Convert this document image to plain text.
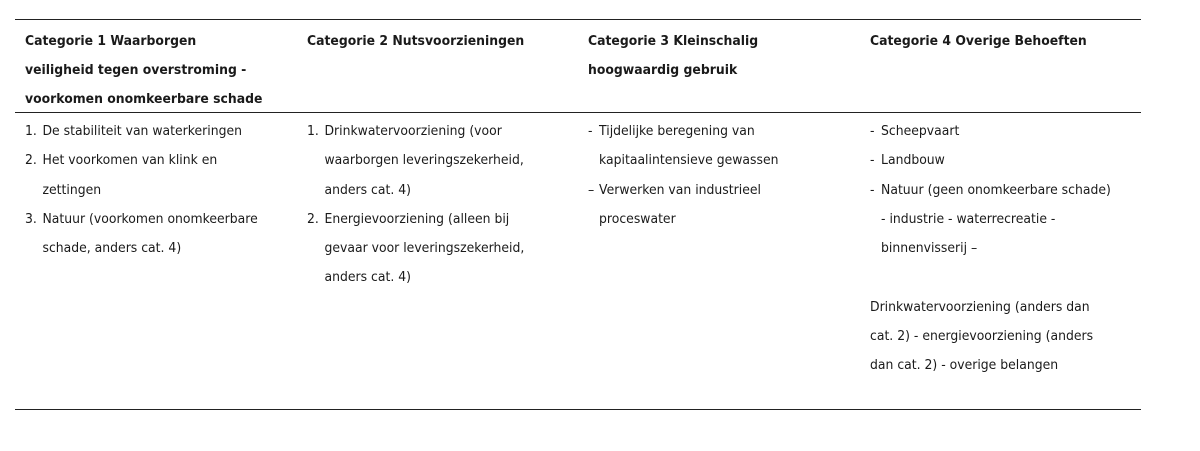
Categorie 1 Waarborgen
veiligheid tegen overstroming -
voorkomen onomkeerbare schade
Categorie 2 Nutsvoorzieningen	Categorie 3 Kleinschalig
hoogwaardig gebruik
Categorie 4 Overige Behoeften
1. De stabiliteit van waterkeringen
2. Het voorkomen van klink en zettingen
3. Natuur (voorkomen onomkeerbare schade, anders cat. 4)
1. Drinkwatervoorziening (voor waarborgen leveringszekerheid, anders cat. 4)
2. Energievoorziening (alleen bij gevaar voor leveringszekerheid, anders cat. 4)
- Tijdelijke beregening van kapitaalintensieve gewassen
– Verwerken van industrieel proceswater
- Scheepvaart
- Landbouw
- Natuur (geen onomkeerbare schade) - industrie - waterrecreatie - binnenvisserij –
Drinkwatervoorziening (anders dan cat. 2) - energievoorziening (anders dan cat. 2) - overige belangen
